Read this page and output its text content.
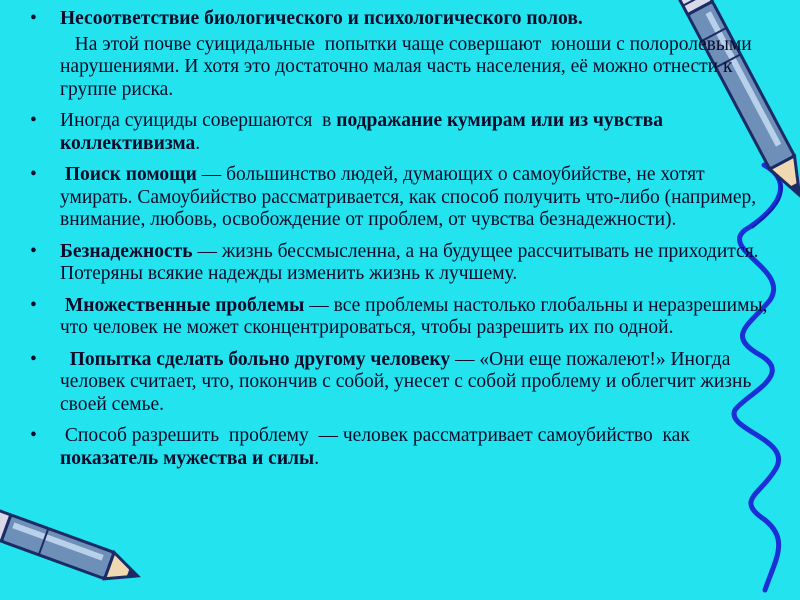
•	Несоответствие биологического и психологического полов.
На этой почве суицидальные  попытки чаще совершают  юноши с полоролевыми  нарушениями. И хотя это достаточно малая часть населения, её можно отнести к группе риска.
•	Иногда суициды совершаются  в подражание кумирам или из чувства коллективизма.
•	Поиск помощи — большинство людей, думающих о самоубийстве, не хотят умирать. Самоубийство рассматривается, как способ получить что-либо (например, внимание, любовь, освобождение от проблем, от чувства безнадежности).
•	Безнадежность — жизнь бессмысленна, а на будущее рассчитывать не приходится. Потеряны всякие надежды изменить жизнь к лучшему.
•	Множественные проблемы — все проблемы настолько глобальны и неразрешимы, что человек не может сконцентрироваться, чтобы разрешить их по одной.
•	Попытка сделать больно другому человеку — «Они еще пожалеют!» Иногда человек считает, что, покончив с собой, унесет с собой проблему и облегчит жизнь своей семье.
•	Способ разрешить  проблему  — человек рассматривает самоубийство  как показатель мужества и силы.
